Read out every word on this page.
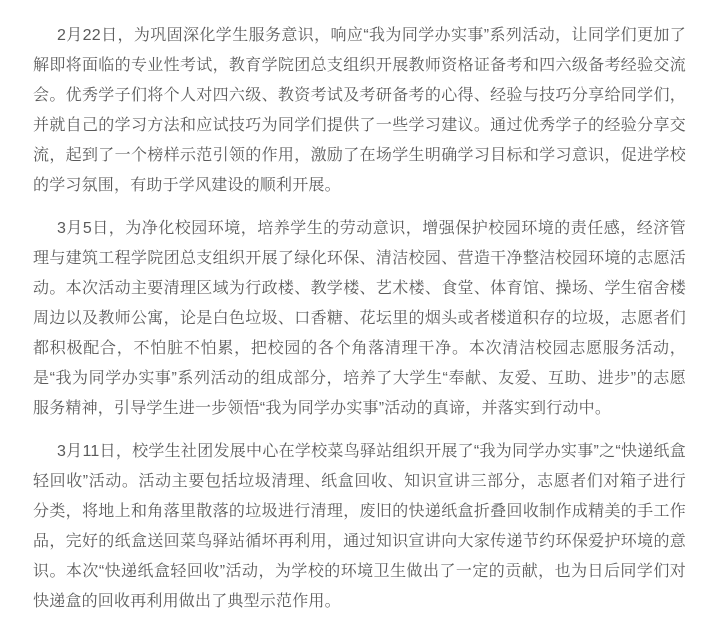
2月22日，为巩固深化学生服务意识，响应“我为同学办实事”系列活动，让同学们更加了解即将面临的专业性考试，教育学院团总支组织开展教师资格证备考和四六级备考经验交流会。优秀学子们将个人对四六级、教资考试及考研备考的心得、经验与技巧分享给同学们，并就自己的学习方法和应试技巧为同学们提供了一些学习建议。通过优秀学子的经验分享交流，起到了一个榜样示范引领的作用，激励了在场学生明确学习目标和学习意识，促进学校的学习氛围，有助于学风建设的顺利开展。

3月5日，为净化校园环境，培养学生的劳动意识，增强保护校园环境的责任感，经济管理与建筑工程学院团总支组织开展了绿化环保、清洁校园、营造干净整洁校园环境的志愿活动。本次活动主要清理区域为行政楼、教学楼、艺术楼、食堂、体育馆、操场、学生宿舍楼周边以及教师公寓，论是白色垃圾、口香糖、花坛里的烟头或者楼道积存的垃圾，志愿者们都积极配合，不怕脏不怕累，把校园的各个角落清理干净。本次清洁校园志愿服务活动，是“我为同学办实事”系列活动的组成部分，培养了大学生“奉献、友爱、互助、进步”的志愿服务精神，引导学生进一步领悟“我为同学办实事”活动的真谛，并落实到行动中。

3月11日，校学生社团发展中心在学校菜鸟驿站组织开展了“我为同学办实事”之“快递纸盒轻回收”活动。活动主要包括垃圾清理、纸盒回收、知识宣讲三部分，志愿者们对箱子进行分类，将地上和角落里散落的垃圾进行清理，废旧的快递纸盒折叠回收制作成精美的手工作品，完好的纸盒送回菜鸟驿站循坏再利用，通过知识宣讲向大家传递节约环保爱护环境的意识。本次“快递纸盒轻回收”活动，为学校的环境卫生做出了一定的贡献，也为日后同学们对快递盒的回收再利用做出了典型示范作用。
